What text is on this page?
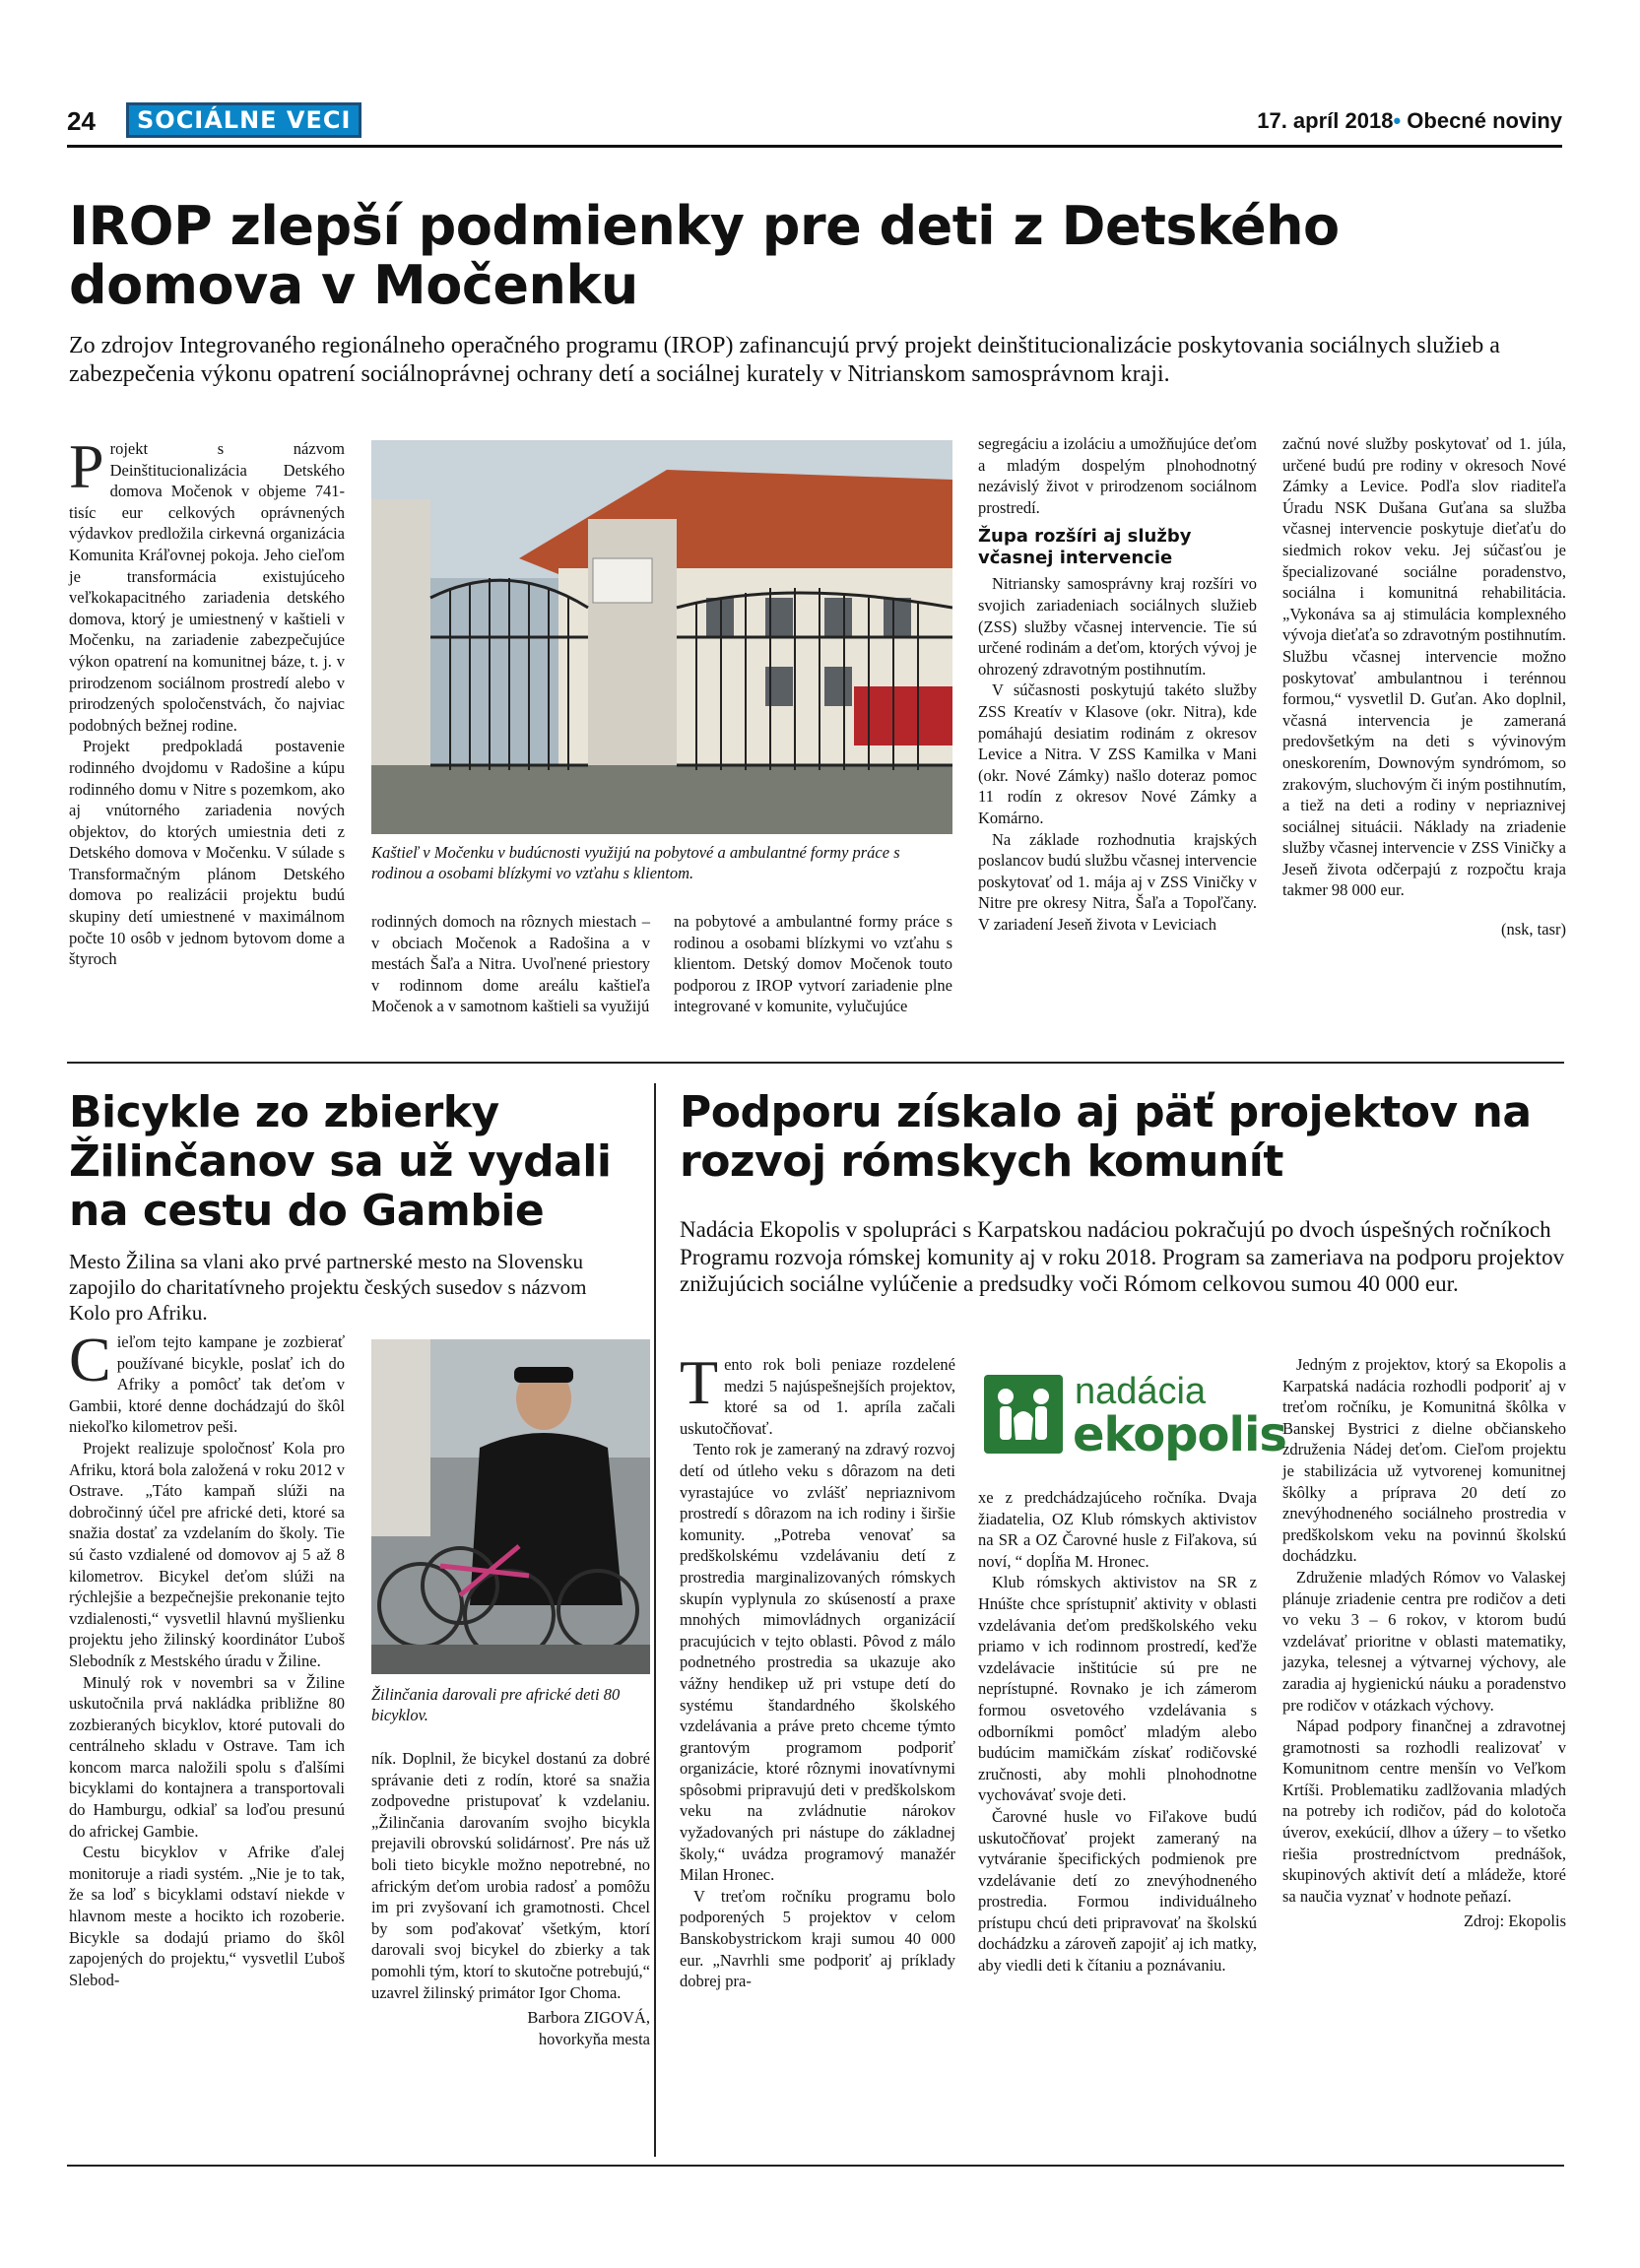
24	SOCIÁLNE VECI	17. apríl 2018• Obecné noviny
IROP zlepší podmienky pre deti z Detského domova v Močenku

Zo zdrojov Integrovaného regionálneho operačného programu (IROP) zafinancujú prvý projekt deinštitucionalizácie poskytovania sociálnych služieb a zabezpečenia výkonu opatrení sociálnoprávnej ochrany detí a sociálnej kurately v Nitrianskom samosprávnom kraji.

Projekt s názvom Deinštitucionalizácia Detského domova Močenok v objeme 741-tisíc eur celkových oprávnených výdavkov predložila cirkevná organizácia Komunita Kráľovnej pokoja. Jeho cieľom je transformácia existujúceho veľkokapacitného zariadenia detského domova, ktorý je umiestnený v kaštieli v Močenku, na zariadenie zabezpečujúce výkon opatrení na komunitnej báze, t. j. v prirodzenom sociálnom prostredí alebo v prirodzených spoločenstvách, čo najviac podobných bežnej rodine.

Projekt predpokladá postavenie rodinného dvojdomu v Radošine a kúpu rodinného domu v Nitre s pozemkom, ako aj vnútorného zariadenia nových objektov, do ktorých umiestnia deti z Detského domova v Močenku. V súlade s Transformačným plánom Detského domova po realizácii projektu budú skupiny detí umiestnené v maximálnom počte 10 osôb v jednom bytovom dome a štyroch

Kaštieľ v Močenku v budúcnosti využijú na pobytové a ambulantné formy práce s rodinou a osobami blízkymi vo vzťahu s klientom.

rodinných domoch na rôznych miestach – v obciach Močenok a Radošina a v mestách Šaľa a Nitra. Uvoľnené priestory v rodinnom dome areálu kaštieľa Močenok a v samotnom kaštieli sa využijú

na pobytové a ambulantné formy práce s rodinou a osobami blízkymi vo vzťahu s klientom. Detský domov Močenok touto podporou z IROP vytvorí zariadenie plne integrované v komunite, vylučujúce

segregáciu a izoláciu a umožňujúce deťom a mladým dospelým plnohodnotný nezávislý život v prirodzenom sociálnom prostredí.

Župa rozšíri aj služby včasnej intervencie

Nitriansky samosprávny kraj rozšíri vo svojich zariadeniach sociálnych služieb (ZSS) služby včasnej intervencie. Tie sú určené rodinám a deťom, ktorých vývoj je ohrozený zdravotným postihnutím.

V súčasnosti poskytujú takéto služby ZSS Kreatív v Klasove (okr. Nitra), kde pomáhajú desiatim rodinám z okresov Levice a Nitra. V ZSS Kamilka v Mani (okr. Nové Zámky) našlo doteraz pomoc 11 rodín z okresov Nové Zámky a Komárno.

Na základe rozhodnutia krajských poslancov budú službu včasnej intervencie poskytovať od 1. mája aj v ZSS Viničky v Nitre pre okresy Nitra, Šaľa a Topoľčany. V zariadení Jeseň života v Leviciach

začnú nové služby poskytovať od 1. júla, určené budú pre rodiny v okresoch Nové Zámky a Levice. Podľa slov riaditeľa Úradu NSK Dušana Guťana sa služba včasnej intervencie poskytuje dieťaťu do siedmich rokov veku. Jej súčasťou je špecializované sociálne poradenstvo, sociálna i komunitná rehabilitácia. „Vykonáva sa aj stimulácia komplexného vývoja dieťaťa so zdravotným postihnutím. Službu včasnej intervencie možno poskytovať ambulantnou i terénnou formou,“ vysvetlil D. Guťan. Ako doplnil, včasná intervencia je zameraná predovšetkým na deti s vývinovým oneskorením, Downovým syndrómom, so zrakovým, sluchovým či iným postihnutím, a tiež na deti a rodiny v nepriaznivej sociálnej situácii. Náklady na zriadenie služby včasnej intervencie v ZSS Viničky a Jeseň života odčerpajú z rozpočtu kraja takmer 98 000 eur.

(nsk, tasr)
Bicykle zo zbierky Žilinčanov sa už vydali na cestu do Gambie

Mesto Žilina sa vlani ako prvé partnerské mesto na Slovensku zapojilo do charitatívneho projektu českých susedov s názvom Kolo pro Afriku.

Cieľom tejto kampane je zozbierať používané bicykle, poslať ich do Afriky a pomôcť tak deťom v Gambii, ktoré denne dochádzajú do škôl niekoľko kilometrov peši.

Projekt realizuje spoločnosť Kola pro Afriku, ktorá bola založená v roku 2012 v Ostrave. „Táto kampaň slúži na dobročinný účel pre africké deti, ktoré sa snažia dostať za vzdelaním do školy. Tie sú často vzdialené od domovov aj 5 až 8 kilometrov. Bicykel deťom slúži na rýchlejšie a bezpečnejšie prekonanie tejto vzdialenosti,“ vysvetlil hlavnú myšlienku projektu jeho žilinský koordinátor Ľuboš Slebodník z Mestského úradu v Žiline.

Minulý rok v novembri sa v Žiline uskutočnila prvá nakládka približne 80 zozbieraných bicyklov, ktoré putovali do centrálneho skladu v Ostrave. Tam ich koncom marca naložili spolu s ďalšími bicyklami do kontajnera a transportovali do Hamburgu, odkiaľ sa loďou presunú do africkej Gambie.

Cestu bicyklov v Afrike ďalej monitoruje a riadi systém. „Nie je to tak, že sa loď s bicyklami odstaví niekde v hlavnom meste a hocikto ich rozoberie. Bicykle sa dodajú priamo do škôl zapojených do projektu,“ vysvetlil Ľuboš Slebod-

Žilinčania darovali pre africké deti 80 bicyklov.

ník. Doplnil, že bicykel dostanú za dobré správanie deti z rodín, ktoré sa snažia zodpovedne pristupovať k vzdelaniu. „Žilinčania darovaním svojho bicykla prejavili obrovskú solidárnosť. Pre nás už boli tieto bicykle možno nepotrebné, no africkým deťom urobia radosť a pomôžu im pri zvyšovaní ich gramotnosti. Chcel by som poďakovať všetkým, ktorí darovali svoj bicykel do zbierky a tak pomohli tým, ktorí to skutočne potrebujú,“ uzavrel žilinský primátor Igor Choma.

Barbora ZIGOVÁ,
hovorkyňa mesta

Podporu získalo aj päť projektov na rozvoj rómskych komunít

Nadácia Ekopolis v spolupráci s Karpatskou nadáciou pokračujú po dvoch úspešných ročníkoch Programu rozvoja rómskej komunity aj v roku 2018. Program sa zameriava na podporu projektov znižujúcich sociálne vylúčenie a predsudky voči Rómom celkovou sumou 40 000 eur.

Tento rok boli peniaze rozdelené medzi 5 najúspešnejších projektov, ktoré sa od 1. apríla začali uskutočňovať.

Tento rok je zameraný na zdravý rozvoj detí od útleho veku s dôrazom na deti vyrastajúce vo zvlášť nepriaznivom prostredí s dôrazom na ich rodiny i širšie komunity. „Potreba venovať sa predškolskému vzdelávaniu detí z prostredia marginalizovaných rómskych skupín vyplynula zo skúseností a praxe mnohých mimovládnych organizácií pracujúcich v tejto oblasti. Pôvod z málo podnetného prostredia sa ukazuje ako vážny hendikep už pri vstupe detí do systému štandardného školského vzdelávania a práve preto chceme týmto grantovým programom podporiť organizácie, ktoré rôznymi inovatívnymi spôsobmi pripravujú deti v predškolskom veku na zvládnutie nárokov vyžadovaných pri nástupe do základnej školy,“ uvádza programový manažér Milan Hronec.

V treťom ročníku programu bolo podporených 5 projektov v celom Banskobystrickom kraji sumou 40 000 eur. „Navrhli sme podporiť aj príklady dobrej pra-

nadácia
ekopolis

xe z predchádzajúceho ročníka. Dvaja žiadatelia, OZ Klub rómskych aktivistov na SR a OZ Čarovné husle z Fiľakova, sú noví, “ dopĺňa M. Hronec.

Klub rómskych aktivistov na SR z Hnúšte chce sprístupniť aktivity v oblasti vzdelávania deťom predškolského veku priamo v ich rodinnom prostredí, keďže vzdelávacie inštitúcie sú pre ne neprístupné. Rovnako je ich zámerom formou osvetového vzdelávania s odborníkmi pomôcť mladým alebo budúcim mamičkám získať rodičovské zručnosti, aby mohli plnohodnotne vychovávať svoje deti.

Čarovné husle vo Fiľakove budú uskutočňovať projekt zameraný na vytváranie špecifických podmienok pre vzdelávanie detí zo znevýhodneného prostredia. Formou individuálneho prístupu chcú deti pripravovať na školskú dochádzku a zároveň zapojiť aj ich matky, aby viedli deti k čítaniu a poznávaniu.

Jedným z projektov, ktorý sa Ekopolis a Karpatská nadácia rozhodli podporiť aj v treťom ročníku, je Komunitná škôlka v Banskej Bystrici z dielne občianskeho združenia Nádej deťom. Cieľom projektu je stabilizácia už vytvorenej komunitnej škôlky a príprava 20 detí zo znevýhodneného sociálneho prostredia v predškolskom veku na povinnú školskú dochádzku.

Združenie mladých Rómov vo Valaskej plánuje zriadenie centra pre rodičov a deti vo veku 3 – 6 rokov, v ktorom budú vzdelávať prioritne v oblasti matematiky, jazyka, telesnej a výtvarnej výchovy, ale zaradia aj hygienickú náuku a poradenstvo pre rodičov v otázkach výchovy.

Nápad podpory finančnej a zdravotnej gramotnosti sa rozhodli realizovať v Komunitnom centre menšín vo Veľkom Krtíši. Problematiku zadlžovania mladých na potreby ich rodičov, pád do kolotoča úverov, exekúcií, dlhov a úžery – to všetko riešia prostredníctvom prednášok, skupinových aktivít detí a mládeže, ktoré sa naučia vyznať v hodnote peňazí.

Zdroj: Ekopolis
